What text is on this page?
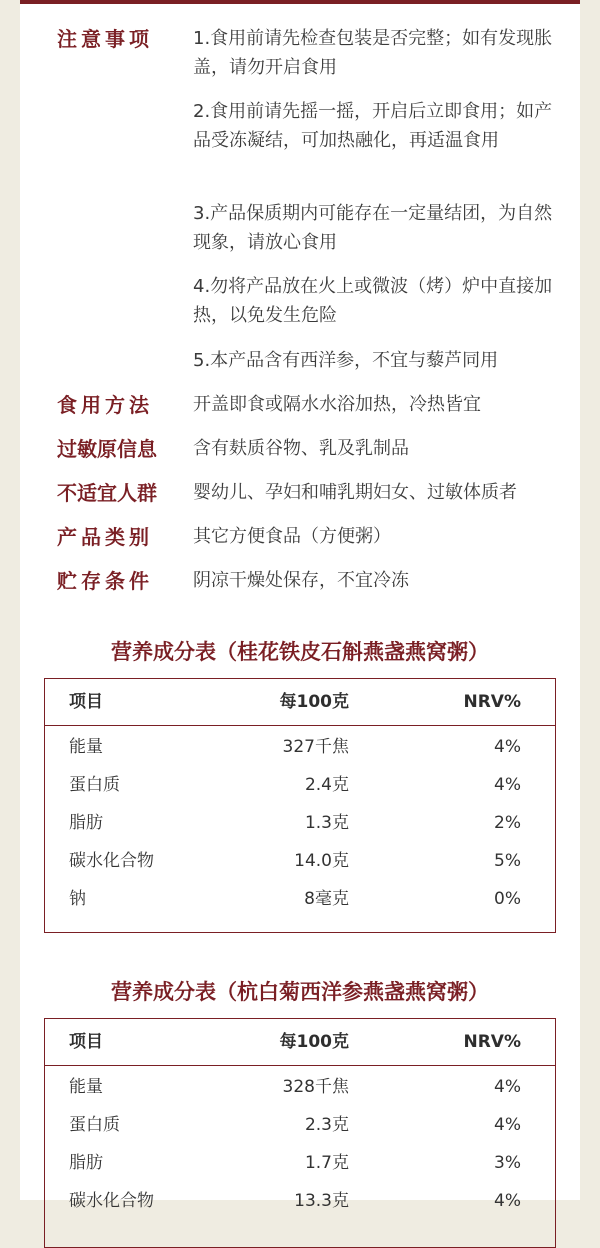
注意事项	1.食用前请先检查包装是否完整；如有发现胀盖，请勿开启食用
2.食用前请先摇一摇，开启后立即食用；如产品受冻凝结，可加热融化，再适温食用
3.产品保质期内可能存在一定量结团，为自然现象，请放心食用
4.勿将产品放在火上或微波（烤）炉中直接加热，以免发生危险
5.本产品含有西洋参，不宜与藜芦同用
食用方法	开盖即食或隔水水浴加热，冷热皆宜
过敏原信息	含有麸质谷物、乳及乳制品
不适宜人群	婴幼儿、孕妇和哺乳期妇女、过敏体质者
产品类别	其它方便食品（方便粥）
贮存条件	阴凉干燥处保存，不宜冷冻
营养成分表（桂花铁皮石斛燕盏燕窝粥）
项目	每100克	NRV%
能量	327千焦	4%
蛋白质	2.4克	4%
脂肪	1.3克	2%
碳水化合物	14.0克	5%
钠	8毫克	0%
营养成分表（杭白菊西洋参燕盏燕窝粥）
项目	每100克	NRV%
能量	328千焦	4%
蛋白质	2.3克	4%
脂肪	1.7克	3%
碳水化合物	13.3克	4%
